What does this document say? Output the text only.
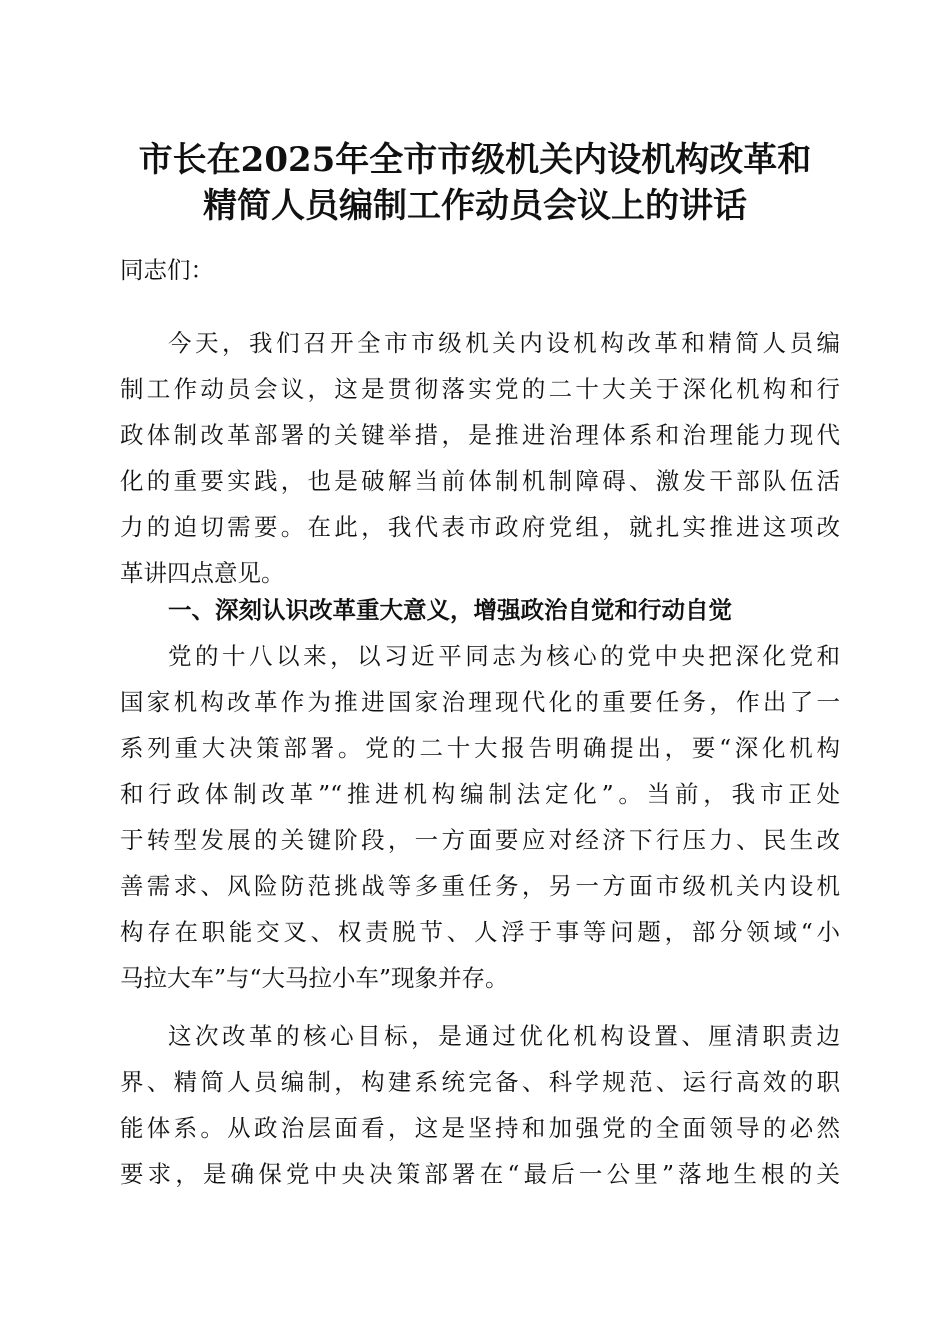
市长在2025年全市市级机关内设机构改革和
精简人员编制工作动员会议上的讲话
同志们：
今天，我们召开全市市级机关内设机构改革和精简人员编
制工作动员会议，这是贯彻落实党的二十大关于深化机构和行
政体制改革部署的关键举措，是推进治理体系和治理能力现代
化的重要实践，也是破解当前体制机制障碍、激发干部队伍活
力的迫切需要。在此，我代表市政府党组，就扎实推进这项改
革讲四点意见。
一、深刻认识改革重大意义，增强政治自觉和行动自觉
党的十八以来，以习近平同志为核心的党中央把深化党和
国家机构改革作为推进国家治理现代化的重要任务，作出了一
系列重大决策部署。党的二十大报告明确提出，要“深化机构
和行政体制改革”“推进机构编制法定化”。当前，我市正处
于转型发展的关键阶段，一方面要应对经济下行压力、民生改
善需求、风险防范挑战等多重任务，另一方面市级机关内设机
构存在职能交叉、权责脱节、人浮于事等问题，部分领域“小
马拉大车”与“大马拉小车”现象并存。
这次改革的核心目标，是通过优化机构设置、厘清职责边
界、精简人员编制，构建系统完备、科学规范、运行高效的职
能体系。从政治层面看，这是坚持和加强党的全面领导的必然
要求，是确保党中央决策部署在“最后一公里”落地生根的关
